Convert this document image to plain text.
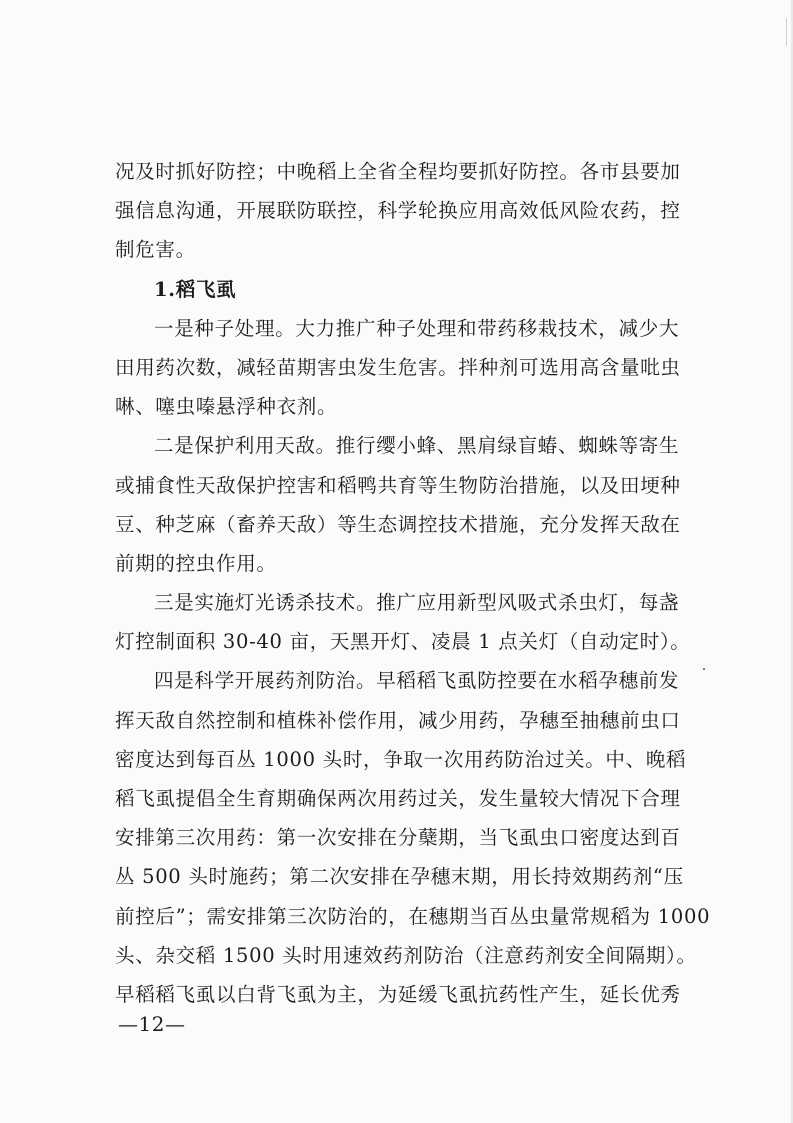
况及时抓好防控；中晚稻上全省全程均要抓好防控。各市县要加
强信息沟通，开展联防联控，科学轮换应用高效低风险农药，控
制危害。
1.稻飞虱
一是种子处理。大力推广种子处理和带药移栽技术，减少大
田用药次数，减轻苗期害虫发生危害。拌种剂可选用高含量吡虫
啉、噻虫嗪悬浮种衣剂。
二是保护利用天敌。推行缨小蜂、黑肩绿盲蝽、蜘蛛等寄生
或捕食性天敌保护控害和稻鸭共育等生物防治措施，以及田埂种
豆、种芝麻（畜养天敌）等生态调控技术措施，充分发挥天敌在
前期的控虫作用。
三是实施灯光诱杀技术。推广应用新型风吸式杀虫灯，每盏
灯控制面积 30-40 亩，天黑开灯、凌晨 1 点关灯（自动定时）。
四是科学开展药剂防治。早稻稻飞虱防控要在水稻孕穗前发
挥天敌自然控制和植株补偿作用，减少用药，孕穗至抽穗前虫口
密度达到每百丛 1000 头时，争取一次用药防治过关。中、晚稻
稻飞虱提倡全生育期确保两次用药过关，发生量较大情况下合理
安排第三次用药：第一次安排在分蘖期，当飞虱虫口密度达到百
丛 500 头时施药；第二次安排在孕穗末期，用长持效期药剂“压
前控后”；需安排第三次防治的，在穗期当百丛虫量常规稻为 1000
头、杂交稻 1500 头时用速效药剂防治（注意药剂安全间隔期）。
早稻稻飞虱以白背飞虱为主，为延缓飞虱抗药性产生，延长优秀
—12—
